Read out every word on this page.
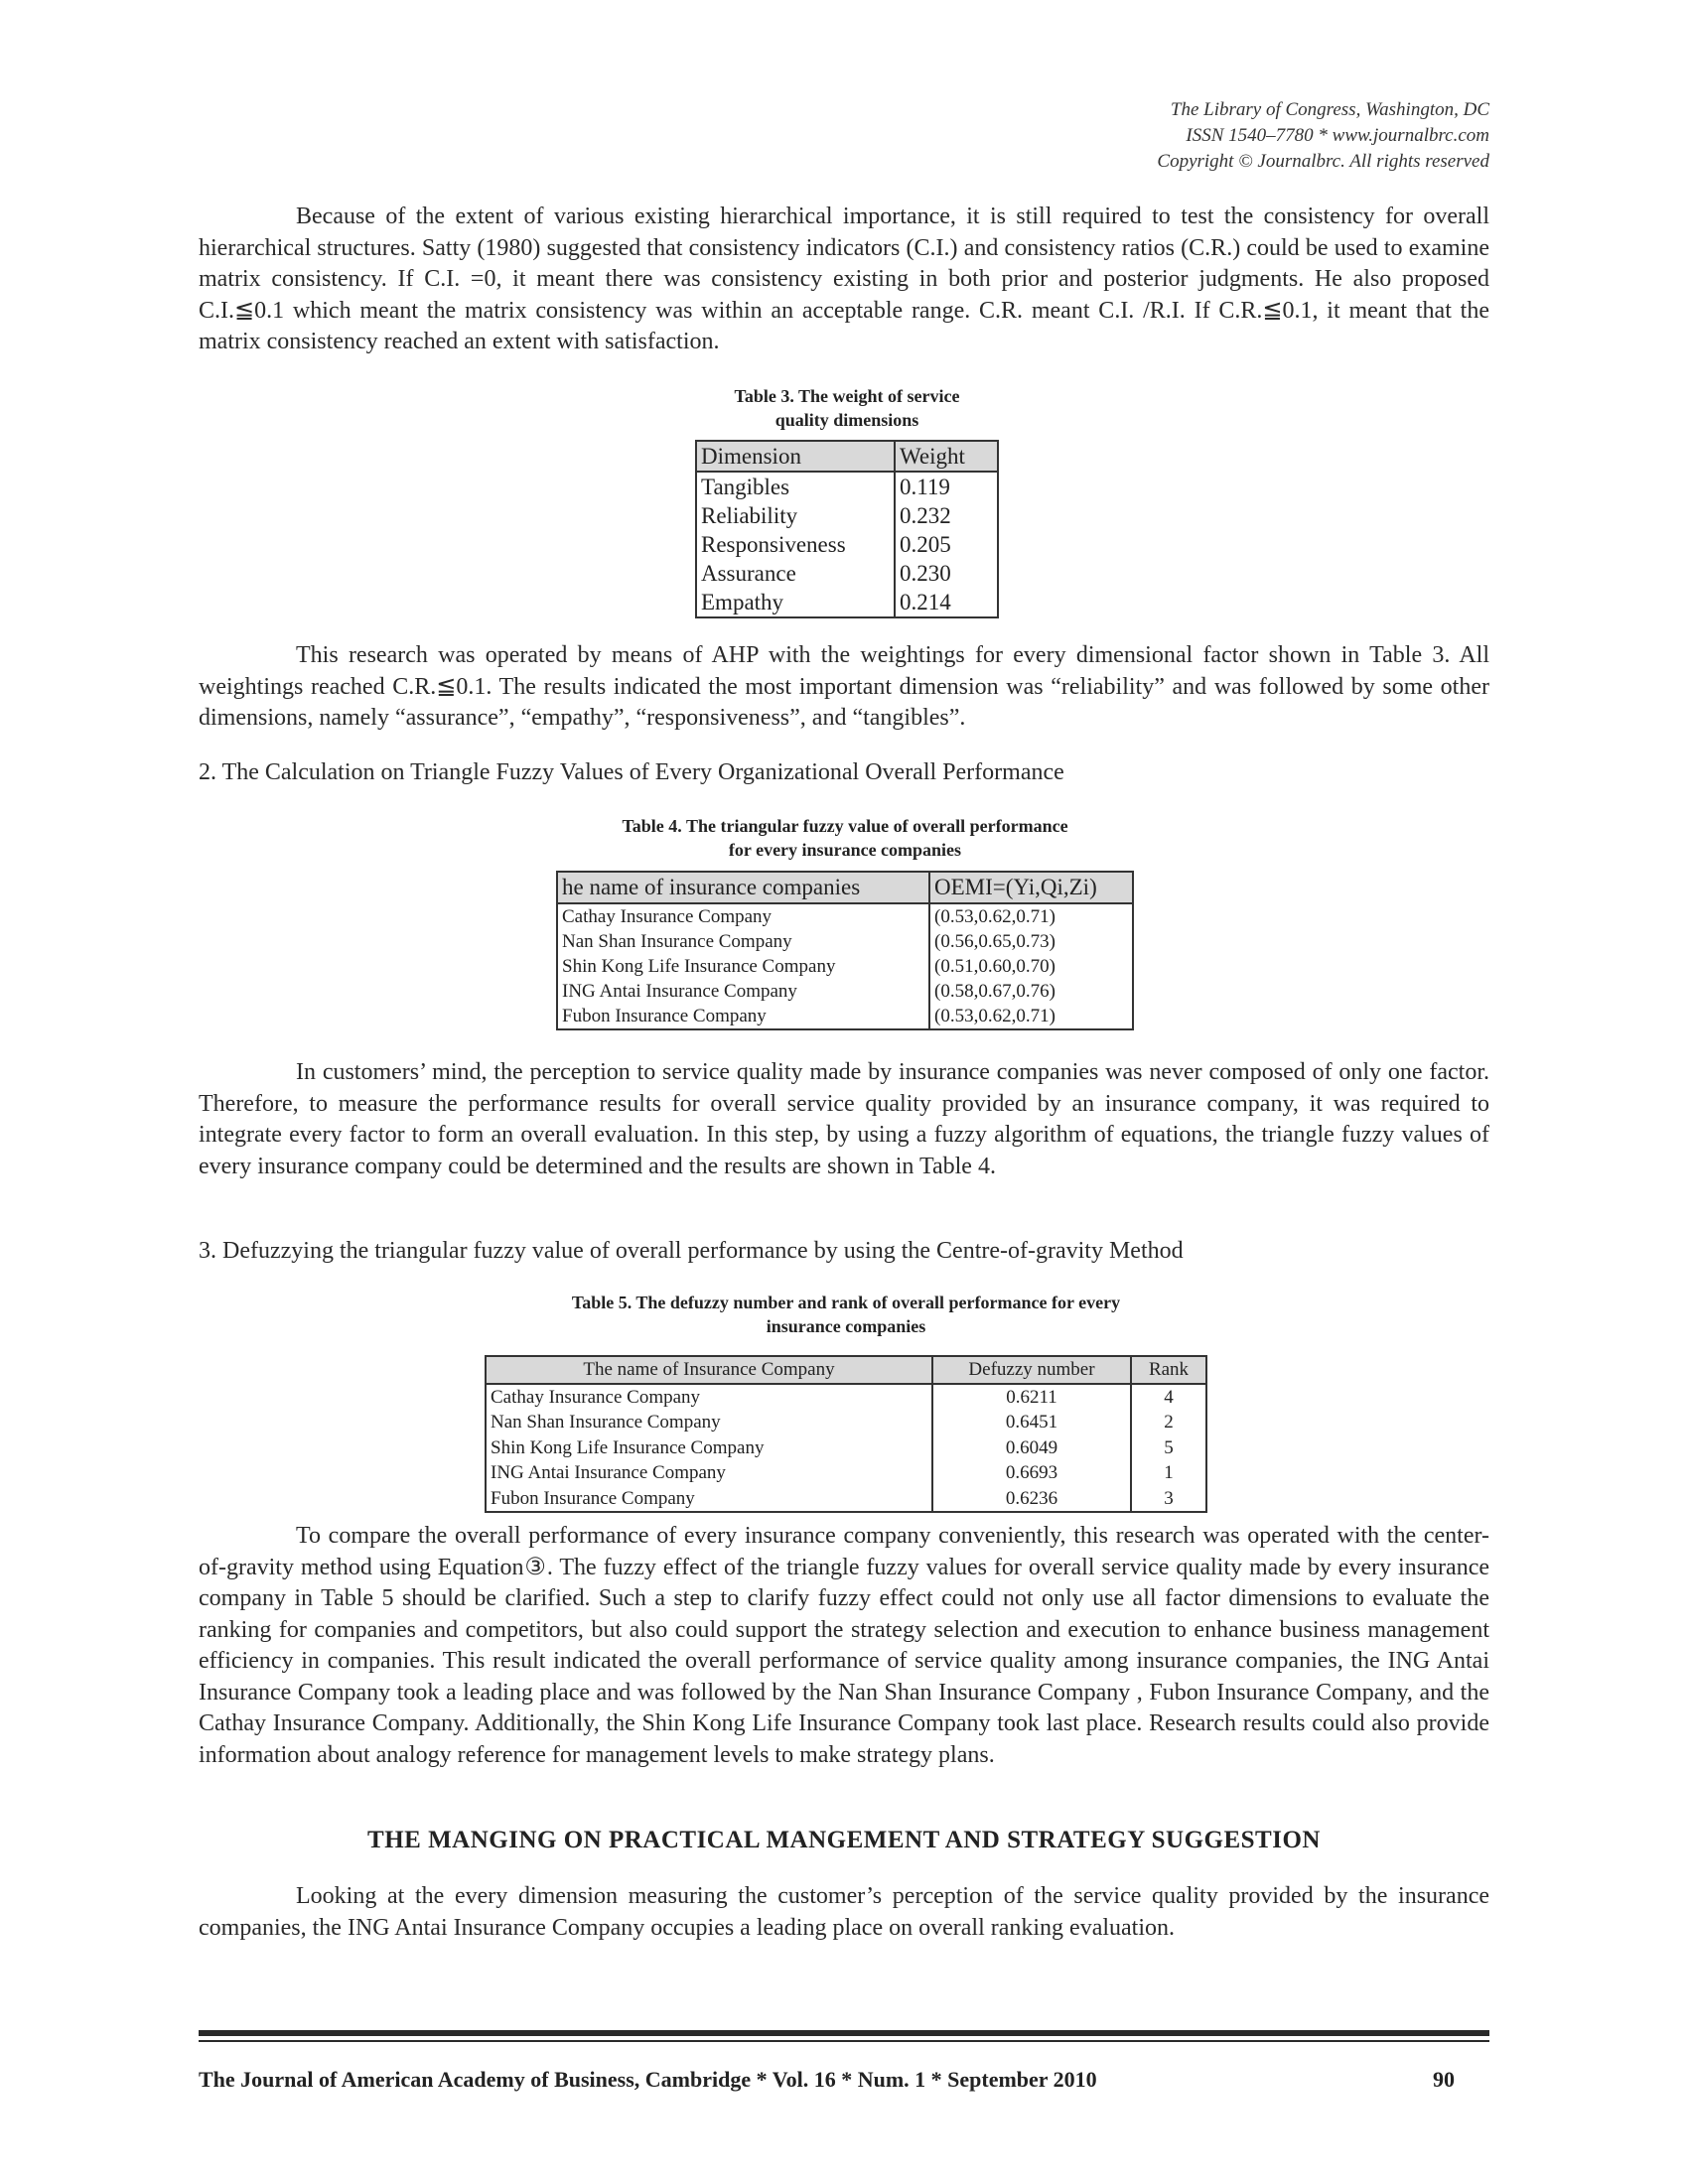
The Library of Congress, Washington, DC
ISSN 1540–7780 * www.journalbrc.com
Copyright © Journalbrc. All rights reserved

Because of the extent of various existing hierarchical importance, it is still required to test the consistency for overall hierarchical structures. Satty (1980) suggested that consistency indicators (C.I.) and consistency ratios (C.R.) could be used to examine matrix consistency. If C.I. =0, it meant there was consistency existing in both prior and posterior judgments. He also proposed C.I.≦0.1 which meant the matrix consistency was within an acceptable range. C.R. meant C.I. /R.I. If C.R.≦0.1, it meant that the matrix consistency reached an extent with satisfaction.

Table 3. The weight of service
quality dimensions
Dimension	Weight
Tangibles	0.119
Reliability	0.232
Responsiveness	0.205
Assurance	0.230
Empathy	0.214

This research was operated by means of AHP with the weightings for every dimensional factor shown in Table 3. All weightings reached C.R.≦0.1. The results indicated the most important dimension was “reliability” and was followed by some other dimensions, namely “assurance”, “empathy”, “responsiveness”, and “tangibles”.

2. The Calculation on Triangle Fuzzy Values of Every Organizational Overall Performance
Table 4. The triangular fuzzy value of overall performance
for every insurance companies
he name of insurance companies	OEMI=(Yi,Qi,Zi)
Cathay Insurance Company	(0.53,0.62,0.71)
Nan Shan Insurance Company	(0.56,0.65,0.73)
Shin Kong Life Insurance Company	(0.51,0.60,0.70)
ING Antai Insurance Company	(0.58,0.67,0.76)
Fubon Insurance Company	(0.53,0.62,0.71)

In customers’ mind, the perception to service quality made by insurance companies was never composed of only one factor. Therefore, to measure the performance results for overall service quality provided by an insurance company, it was required to integrate every factor to form an overall evaluation. In this step, by using a fuzzy algorithm of equations, the triangle fuzzy values of every insurance company could be determined and the results are shown in Table 4.

3. Defuzzying the triangular fuzzy value of overall performance by using the Centre-of-gravity Method
Table 5. The defuzzy number and rank of overall performance for every
insurance companies
The name of Insurance Company	Defuzzy number	Rank
Cathay Insurance Company	0.6211	4
Nan Shan Insurance Company	0.6451	2
Shin Kong Life Insurance Company	0.6049	5
ING Antai Insurance Company	0.6693	1
Fubon Insurance Company	0.6236	3

To compare the overall performance of every insurance company conveniently, this research was operated with the center-of-gravity method using Equation③. The fuzzy effect of the triangle fuzzy values for overall service quality made by every insurance company in Table 5 should be clarified. Such a step to clarify fuzzy effect could not only use all factor dimensions to evaluate the ranking for companies and competitors, but also could support the strategy selection and execution to enhance business management efficiency in companies. This result indicated the overall performance of service quality among insurance companies, the ING Antai Insurance Company took a leading place and was followed by the Nan Shan Insurance Company , Fubon Insurance Company, and the Cathay Insurance Company. Additionally, the Shin Kong Life Insurance Company took last place. Research results could also provide information about analogy reference for management levels to make strategy plans.

THE MANGING ON PRACTICAL MANGEMENT AND STRATEGY SUGGESTION

Looking at the every dimension measuring the customer’s perception of the service quality provided by the insurance companies, the ING Antai Insurance Company occupies a leading place on overall ranking evaluation.

The Journal of American Academy of Business, Cambridge * Vol. 16 * Num. 1 * September 2010	90
